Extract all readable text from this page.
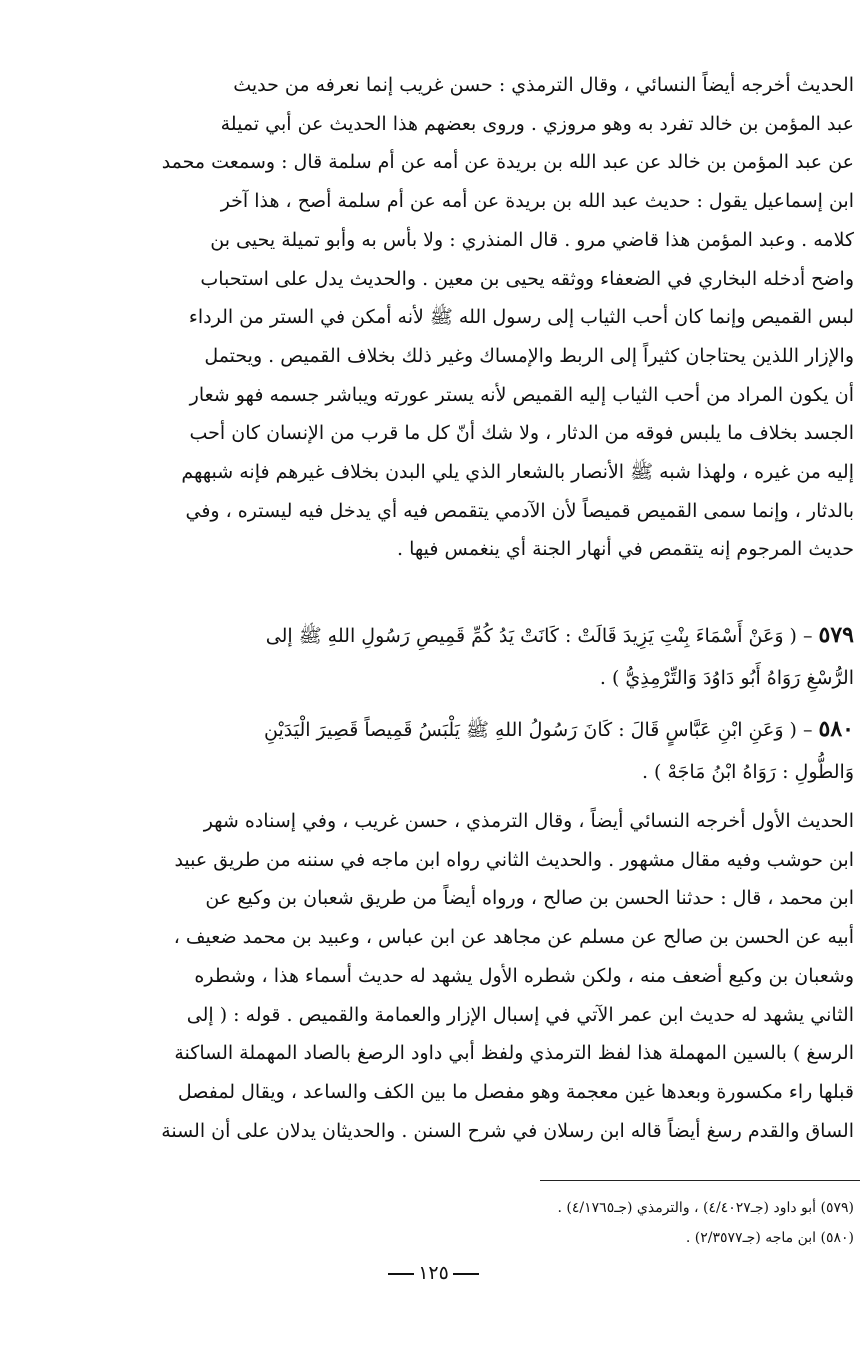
الحديث أخرجه أيضاً النسائي ، وقال الترمذي : حسن غريب إنما نعرفه من حديث
عبد المؤمن بن خالد تفرد به وهو مروزي . وروى بعضهم هذا الحديث عن أبي تميلة
عن عبد المؤمن بن خالد عن عبد الله بن بريدة عن أمه عن أم سلمة قال : وسمعت محمد
ابن إسماعيل يقول : حديث عبد الله بن بريدة عن أمه عن أم سلمة أصح ، هذا آخر
كلامه . وعبد المؤمن هذا قاضي مرو . قال المنذري : ولا بأس به وأبو تميلة يحيى بن
واضح أدخله البخاري في الضعفاء ووثقه يحيى بن معين . والحديث يدل على استحباب
لبس القميص وإنما كان أحب الثياب إلى رسول الله ﷺ لأنه أمكن في الستر من الرداء
والإزار اللذين يحتاجان كثيراً إلى الربط والإمساك وغير ذلك بخلاف القميص . ويحتمل
أن يكون المراد من أحب الثياب إليه القميص لأنه يستر عورته ويباشر جسمه فهو شعار
الجسد بخلاف ما يلبس فوقه من الدثار ، ولا شك أنّ كل ما قرب من الإنسان كان أحب
إليه من غيره ، ولهذا شبه ﷺ الأنصار بالشعار الذي يلي البدن بخلاف غيرهم فإنه شبههم
بالدثار ، وإنما سمى القميص قميصاً لأن الآدمي يتقمص فيه أي يدخل فيه ليستره ، وفي
حديث المرجوم إنه يتقمص في أنهار الجنة أي ينغمس فيها .

٥٧٩ – ( وَعَنْ أَسْمَاءَ بِنْتِ يَزِيدَ قَالَتْ : كَانَتْ يَدُ كُمِّ قَمِيصِ رَسُولِ اللهِ ﷺ إلى
الرُّسْغِ رَوَاهُ أَبُو دَاوُدَ وَالتِّرْمِذِيُّ ) .

٥٨٠ – ( وَعَنِ ابْنِ عَبَّاسٍ قَالَ : كَانَ رَسُولُ اللهِ ﷺ يَلْبَسُ قَمِيصاً قَصِيرَ الْيَدَيْنِ
وَالطُّولِ : رَوَاهُ ابْنُ مَاجَهْ ) .

الحديث الأول أخرجه النسائي أيضاً ، وقال الترمذي ، حسن غريب ، وفي إسناده شهر
ابن حوشب وفيه مقال مشهور . والحديث الثاني رواه ابن ماجه في سننه من طريق عبيد
ابن محمد ، قال : حدثنا الحسن بن صالح ، ورواه أيضاً من طريق شعبان بن وكيع عن
أبيه عن الحسن بن صالح عن مسلم عن مجاهد عن ابن عباس ، وعبيد بن محمد ضعيف ،
وشعبان بن وكيع أضعف منه ، ولكن شطره الأول يشهد له حديث أسماء هذا ، وشطره
الثاني يشهد له حديث ابن عمر الآتي في إسبال الإزار والعمامة والقميص . قوله : ( إلى
الرسغ ) بالسين المهملة هذا لفظ الترمذي ولفظ أبي داود الرصغ بالصاد المهملة الساكنة
قبلها راء مكسورة وبعدها غين معجمة وهو مفصل ما بين الكف والساعد ، ويقال لمفصل
الساق والقدم رسغ أيضاً قاله ابن رسلان في شرح السنن . والحديثان يدلان على أن السنة

(٥٧٩) أبو داود (جـ٤/٤٠٢٧) ، والترمذي (جـ٤/١٧٦٥) .
(٥٨٠) ابن ماجه (جـ٢/٣٥٧٧) .
١٢٥
